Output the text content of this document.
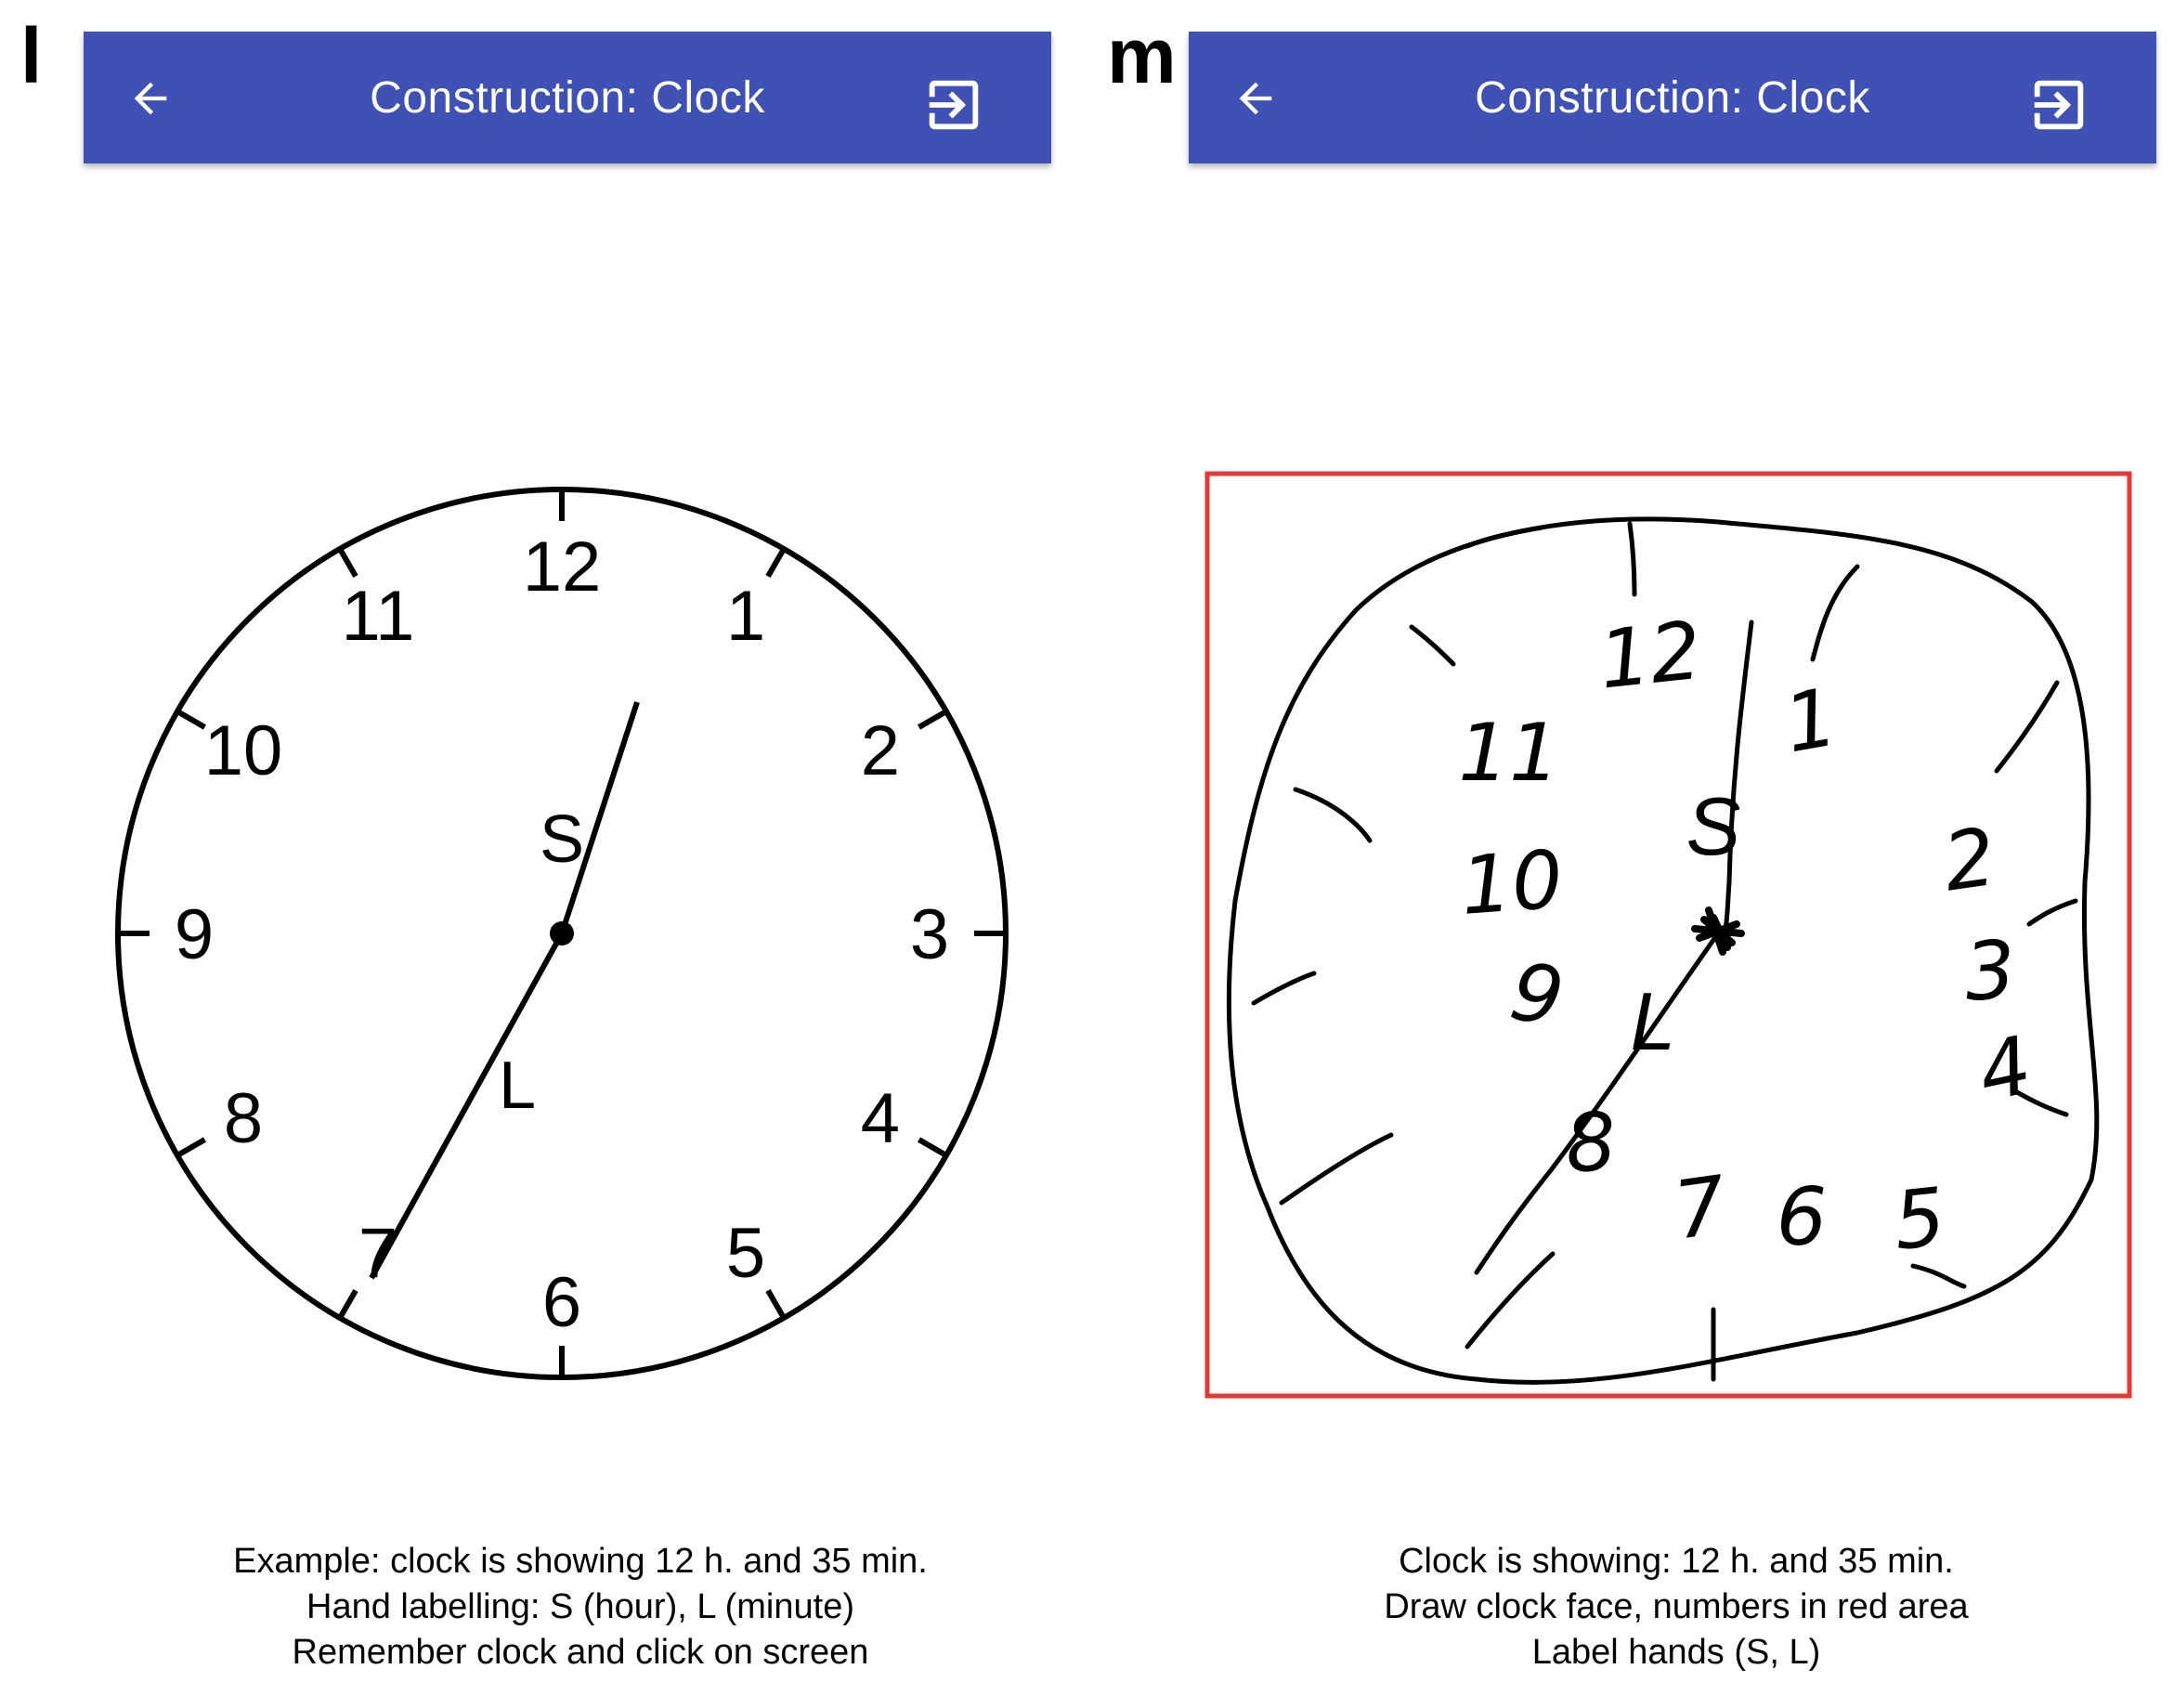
l	Construction: Clock
12
1
2
3
4
5
6
7
8
9
10
11
S
L
Example: clock is showing 12 h. and 35 min.
Hand labelling: S (hour), L (minute)
Remember clock and click on screen
m	Construction: Clock
12
1
2
3
4
5
6
7
8
9
10
11
S
L
Clock is showing: 12 h. and 35 min.
Draw clock face, numbers in red area
Label hands (S, L)
